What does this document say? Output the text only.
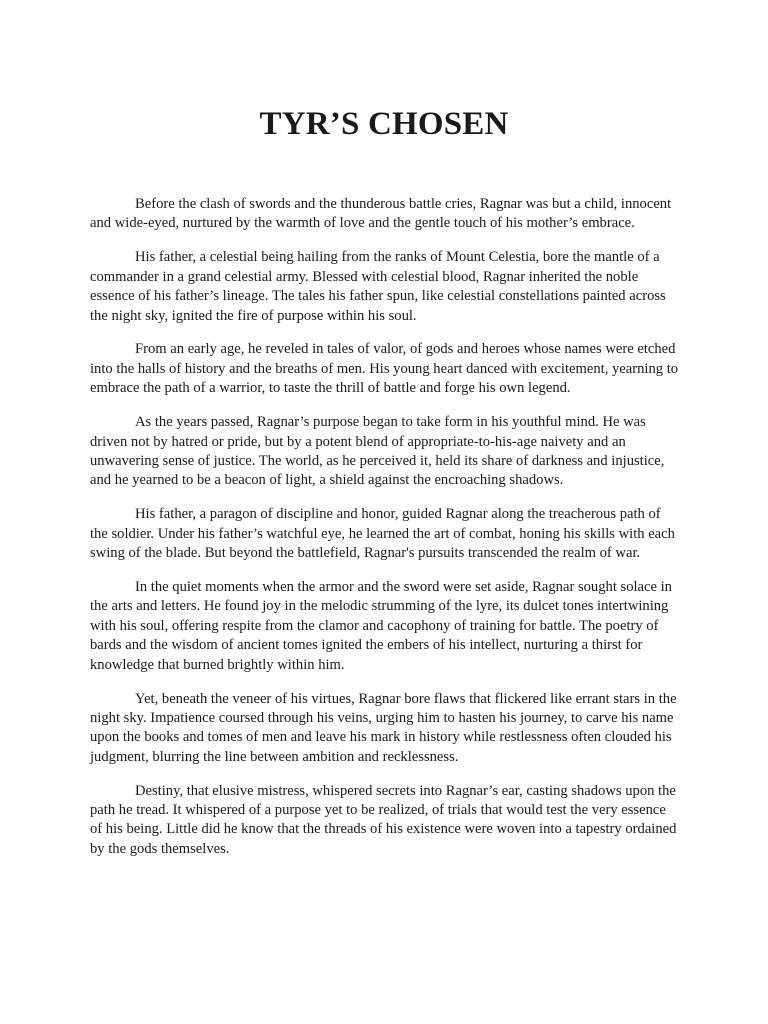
TYR’S CHOSEN

Before the clash of swords and the thunderous battle cries, Ragnar was but a child, innocent and wide-eyed, nurtured by the warmth of love and the gentle touch of his mother’s embrace.

His father, a celestial being hailing from the ranks of Mount Celestia, bore the mantle of a commander in a grand celestial army. Blessed with celestial blood, Ragnar inherited the noble essence of his father’s lineage. The tales his father spun, like celestial constellations painted across the night sky, ignited the fire of purpose within his soul.

From an early age, he reveled in tales of valor, of gods and heroes whose names were etched into the halls of history and the breaths of men. His young heart danced with excitement, yearning to embrace the path of a warrior, to taste the thrill of battle and forge his own legend.

As the years passed, Ragnar’s purpose began to take form in his youthful mind. He was driven not by hatred or pride, but by a potent blend of appropriate-to-his-age naivety and an unwavering sense of justice. The world, as he perceived it, held its share of darkness and injustice, and he yearned to be a beacon of light, a shield against the encroaching shadows.

His father, a paragon of discipline and honor, guided Ragnar along the treacherous path of the soldier. Under his father’s watchful eye, he learned the art of combat, honing his skills with each swing of the blade. But beyond the battlefield, Ragnar's pursuits transcended the realm of war.

In the quiet moments when the armor and the sword were set aside, Ragnar sought solace in the arts and letters. He found joy in the melodic strumming of the lyre, its dulcet tones intertwining with his soul, offering respite from the clamor and cacophony of training for battle. The poetry of bards and the wisdom of ancient tomes ignited the embers of his intellect, nurturing a thirst for knowledge that burned brightly within him.

Yet, beneath the veneer of his virtues, Ragnar bore flaws that flickered like errant stars in the night sky. Impatience coursed through his veins, urging him to hasten his journey, to carve his name upon the books and tomes of men and leave his mark in history while restlessness often clouded his judgment, blurring the line between ambition and recklessness.

Destiny, that elusive mistress, whispered secrets into Ragnar’s ear, casting shadows upon the path he tread. It whispered of a purpose yet to be realized, of trials that would test the very essence of his being. Little did he know that the threads of his existence were woven into a tapestry ordained by the gods themselves.
